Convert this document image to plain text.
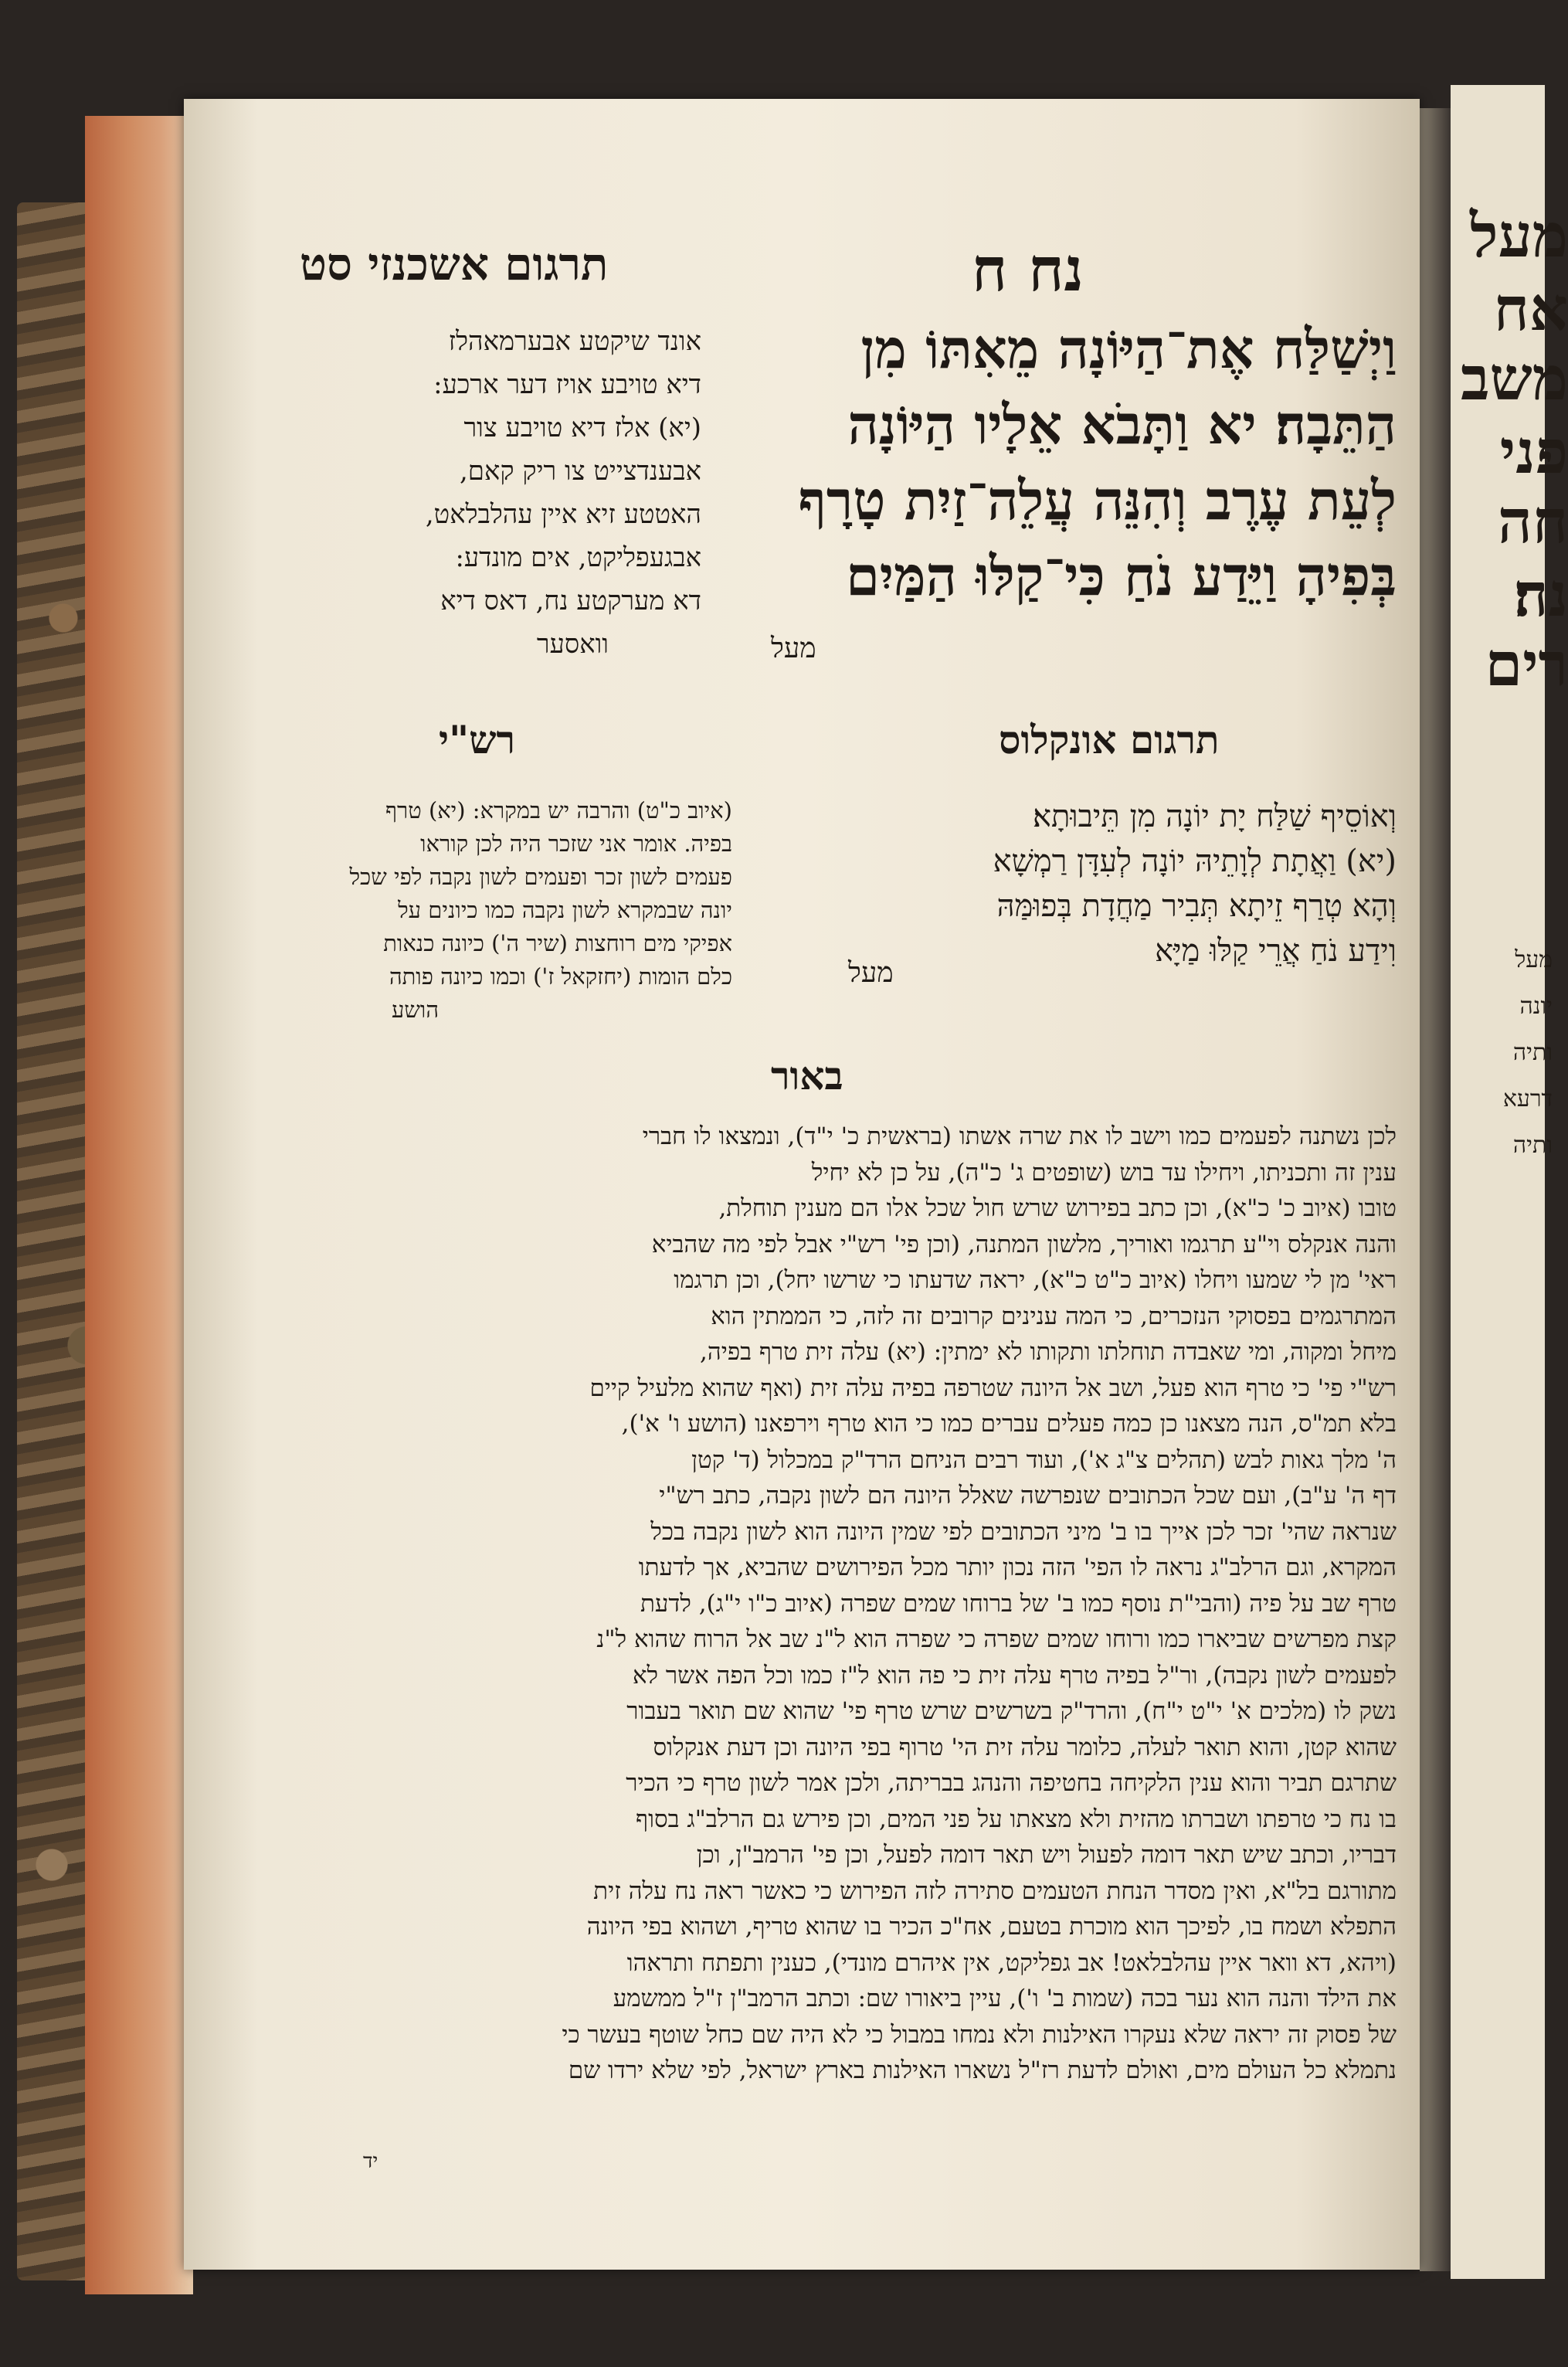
מעל
אח
משב
פני
חה
נה׃
רים
מעל
יונה
ותיה
דרעא
ותיה
תרגום אשכנזי סט	נח ח
וַיְשַׁלַּח אֶת־הַיּוֹנָה מֵאִתּוֹ מִן
הַתֵּבָה׃ יא וַתָּבֹא אֵלָיו הַיּוֹנָה
לְעֵת עֶרֶב וְהִנֵּה עֲלֵה־זַיִת טָרָף
בְּפִיהָ וַיֵּדַע נֹחַ כִּי־קַלּוּ הַמַּיִם
מעל

אונד שיקטע אבערמאהלז

דיא טויבע אויז דער ארכע:

(יא) אלז דיא טויבע צור

אבענדצייט צו ריק קאם,

האטטע זיא איין עהלבלאט,

אבגעפליקט, אים מונדע:

דא מערקטע נח, דאס דיא

וואסער

תרגום אונקלוס
רש"י

וְאוֹסֵיף שַׁלַּח יָת יוֹנָה מִן תֵּיבוּתָא׃

(יא) וַאֲתָת לְוָתֵיהּ יוֹנָה לְעִדָּן רַמְשָׁא

וְהָא טְרַף זֵיתָא תְּבִיר מַחֲדָת בְּפוּמַּהּ

וִידַע נֹחַ אֲרֵי קַלּוּ מַיָּא

מעל

(איוב כ"ט) והרבה יש במקרא: (יא) טרף

בפיה. אומר אני שזכר היה לכן קוראו

פעמים לשון זכר ופעמים לשון נקבה לפי שכל

יונה שבמקרא לשון נקבה כמו כיונים על

אפיקי מים רוחצות (שיר ה') כיונה כנאות

כלם הומות (יחזקאל ז') וכמו כיונה פותה

הושע

באור

לכן נשתנה לפעמים כמו וישב לו את שרה אשתו (בראשית כ' י"ד), ונמצאו לו חברי

ענין זה ותכניתו, ויחילו עד בוש (שופטים ג' כ"ה), על כן לא יחיל

טובו (איוב כ' כ"א), וכן כתב בפירוש שרש חול שכל אלו הם מענין תוחלת,

והנה אנקלס וי"ע תרגמו ואוריך, מלשון המתנה, (וכן פי' רש"י אבל לפי מה שהביא

ראי' מן לי שמעו ויחלו (איוב כ"ט כ"א), יראה שדעתו כי שרשו יחל), וכן תרגמו

המתרגמים בפסוקי הנזכרים, כי המה ענינים קרובים זה לזה, כי הממתין הוא

מיחל ומקוה, ומי שאבדה תוחלתו ותקותו לא ימתין: (יא) עלה זית טרף בפיה,

רש"י פי' כי טרף הוא פעל, ושב אל היונה שטרפה בפיה עלה זית (ואף שהוא מלעיל קיים

בלא תמ"ס, הנה מצאנו כן כמה פעלים עברים כמו כי הוא טרף וירפאנו (הושע ו' א'),

ה' מלך גאות לבש (תהלים צ"ג א'), ועוד רבים הניחם הרד"ק במכלול (ד' קטן

דף ה' ע"ב), ועם שכל הכתובים שנפרשה שאלל היונה הם לשון נקבה, כתב רש"י

שנראה שהי' זכר לכן אייך בו ב' מיני הכתובים לפי שמין היונה הוא לשון נקבה בכל

המקרא, וגם הרלב"ג נראה לו הפי' הזה נכון יותר מכל הפירושים שהביא, אך לדעתו

טרף שב על פיה (והבי"ת נוסף כמו ב' של ברוחו שמים שפרה (איוב כ"ו י"ג), לדעת

קצת מפרשים שביארו כמו ורוחו שמים שפרה כי שפרה הוא ל"נ שב אל הרוח שהוא ל"נ

לפעמים לשון נקבה), ור"ל בפיה טרף עלה זית כי פה הוא ל"ז כמו וכל הפה אשר לא

נשק לו (מלכים א' י"ט י"ח), והרד"ק בשרשים שרש טרף פי' שהוא שם תואר בעבור

שהוא קטן, והוא תואר לעלה, כלומר עלה זית הי' טרוף בפי היונה וכן דעת אנקלוס

שתרגם תביר והוא ענין הלקיחה בחטיפה והנהג בבריתה, ולכן אמר לשון טרף כי הכיר

בו נח כי טרפתו ושברתו מהזית ולא מצאתו על פני המים, וכן פירש גם הרלב"ג בסוף

דבריו, וכתב שיש תאר דומה לפעול ויש תאר דומה לפעל, וכן פי' הרמב"ן, וכן

מתורגם בל"א, ואין מסדר הנחת הטעמים סתירה לזה הפירוש כי כאשר ראה נח עלה זית

התפלא ושמח בו, לפיכך הוא מוכרת בטעם, אח"כ הכיר בו שהוא טריף, ושהוא בפי היונה

(ויהא, דא וואר איין עהלבלאט! אב גפליקט, אין איהרם מונדי), כענין ותפתח ותראהו

את הילד והנה הוא נער בכה (שמות ב' ו'), עיין ביאורו שם: וכתב הרמב"ן ז"ל ממשמע

של פסוק זה יראה שלא נעקרו האילנות ולא נמחו במבול כי לא היה שם כחל שוטף בעשר כי

נתמלא כל העולם מים, ואולם לדעת רז"ל נשארו האילנות בארץ ישראל, לפי שלא ירדו שם

יד
